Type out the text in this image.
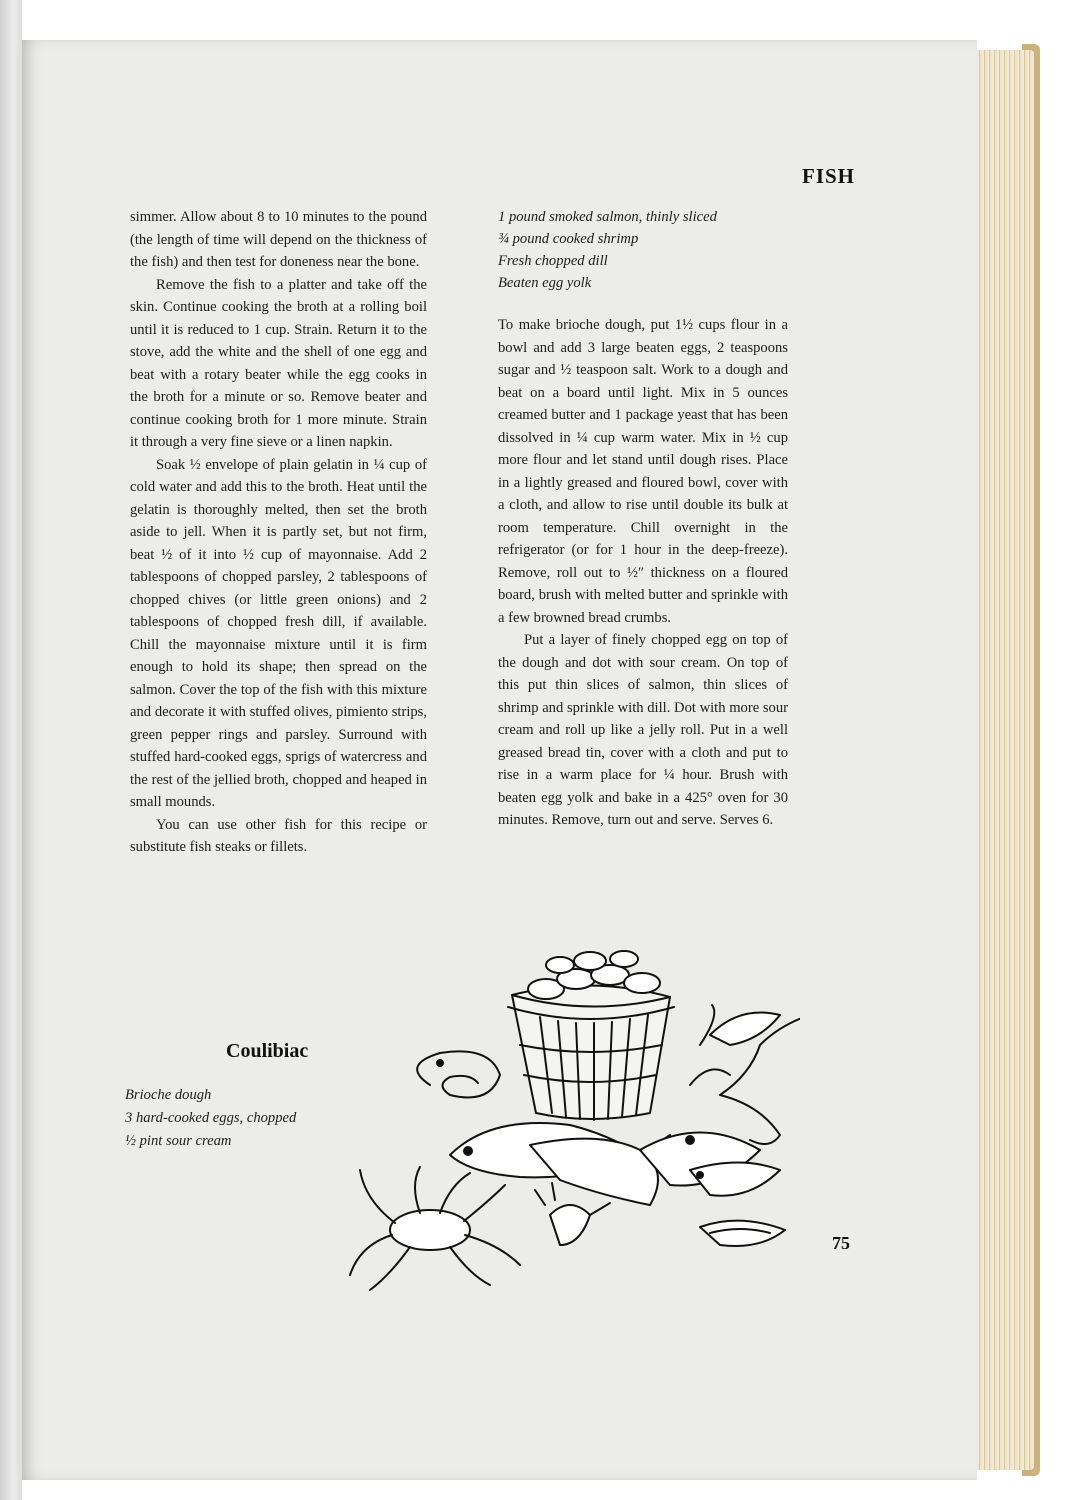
FISH

simmer. Allow about 8 to 10 minutes to the pound (the length of time will depend on the thickness of the fish) and then test for doneness near the bone.

Remove the fish to a platter and take off the skin. Continue cooking the broth at a rolling boil until it is reduced to 1 cup. Strain. Return it to the stove, add the white and the shell of one egg and beat with a rotary beater while the egg cooks in the broth for a minute or so. Remove beater and continue cooking broth for 1 more minute. Strain it through a very fine sieve or a linen napkin.

Soak ½ envelope of plain gelatin in ¼ cup of cold water and add this to the broth. Heat until the gelatin is thoroughly melted, then set the broth aside to jell. When it is partly set, but not firm, beat ½ of it into ½ cup of mayonnaise. Add 2 tablespoons of chopped parsley, 2 tablespoons of chopped chives (or little green onions) and 2 tablespoons of chopped fresh dill, if available. Chill the mayonnaise mixture until it is firm enough to hold its shape; then spread on the salmon. Cover the top of the fish with this mixture and decorate it with stuffed olives, pimiento strips, green pepper rings and parsley. Surround with stuffed hard-cooked eggs, sprigs of watercress and the rest of the jellied broth, chopped and heaped in small mounds.

You can use other fish for this recipe or substitute fish steaks or fillets.

1 pound smoked salmon, thinly sliced
¾ pound cooked shrimp
Fresh chopped dill
Beaten egg yolk

To make brioche dough, put 1½ cups flour in a bowl and add 3 large beaten eggs, 2 teaspoons sugar and ½ teaspoon salt. Work to a dough and beat on a board until light. Mix in 5 ounces creamed butter and 1 package yeast that has been dissolved in ¼ cup warm water. Mix in ½ cup more flour and let stand until dough rises. Place in a lightly greased and floured bowl, cover with a cloth, and allow to rise until double its bulk at room temperature. Chill overnight in the refrigerator (or for 1 hour in the deep-freeze). Remove, roll out to ½″ thickness on a floured board, brush with melted butter and sprinkle with a few browned bread crumbs.

Put a layer of finely chopped egg on top of the dough and dot with sour cream. On top of this put thin slices of salmon, thin slices of shrimp and sprinkle with dill. Dot with more sour cream and roll up like a jelly roll. Put in a well greased bread tin, cover with a cloth and put to rise in a warm place for ¼ hour. Brush with beaten egg yolk and bake in a 425° oven for 30 minutes. Remove, turn out and serve. Serves 6.

Coulibiac
Brioche dough
3 hard-cooked eggs, chopped
½ pint sour cream
75
